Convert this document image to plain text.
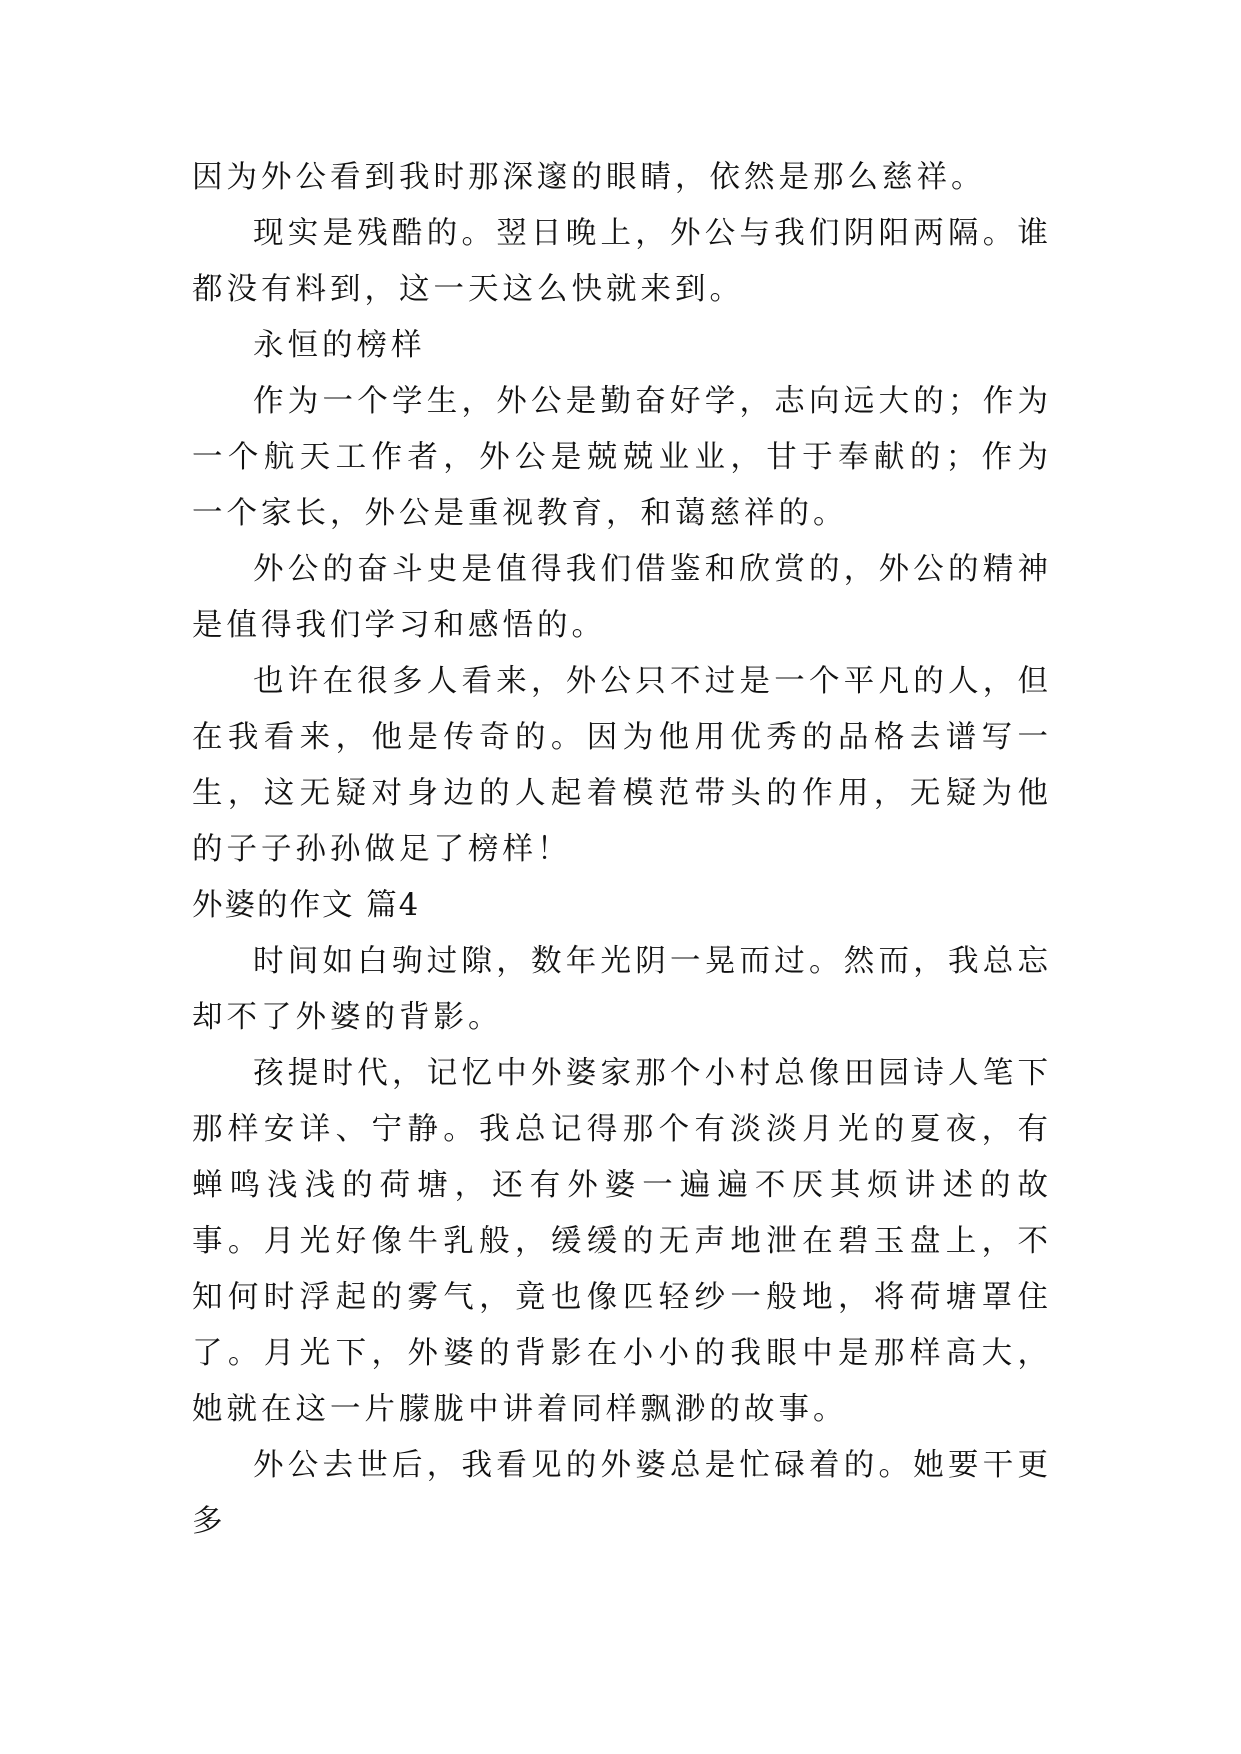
因为外公看到我时那深邃的眼睛，依然是那么慈祥。

现实是残酷的。翌日晚上，外公与我们阴阳两隔。谁都没有料到，这一天这么快就来到。

永恒的榜样

作为一个学生，外公是勤奋好学，志向远大的；作为一个航天工作者，外公是兢兢业业，甘于奉献的；作为一个家长，外公是重视教育，和蔼慈祥的。

外公的奋斗史是值得我们借鉴和欣赏的，外公的精神是值得我们学习和感悟的。

也许在很多人看来，外公只不过是一个平凡的人，但在我看来，他是传奇的。因为他用优秀的品格去谱写一生，这无疑对身边的人起着模范带头的作用，无疑为他的子子孙孙做足了榜样！

外婆的作文 篇4

时间如白驹过隙，数年光阴一晃而过。然而，我总忘却不了外婆的背影。

孩提时代，记忆中外婆家那个小村总像田园诗人笔下那样安详、宁静。我总记得那个有淡淡月光的夏夜，有蝉鸣浅浅的荷塘，还有外婆一遍遍不厌其烦讲述的故事。月光好像牛乳般，缓缓的无声地泄在碧玉盘上，不知何时浮起的雾气，竟也像匹轻纱一般地，将荷塘罩住了。月光下，外婆的背影在小小的我眼中是那样高大，她就在这一片朦胧中讲着同样飘渺的故事。

外公去世后，我看见的外婆总是忙碌着的。她要干更多
